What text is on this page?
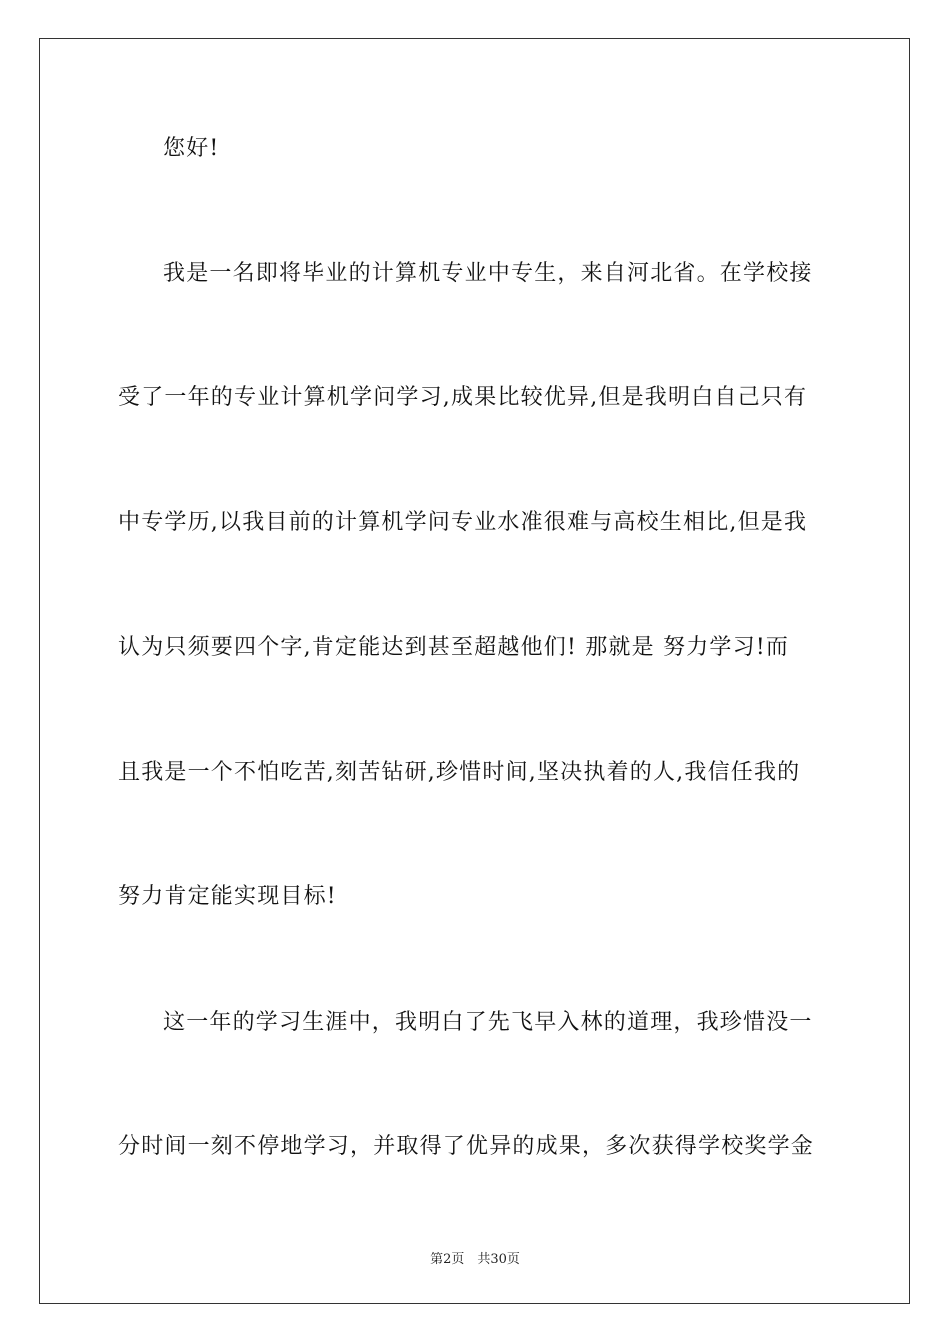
您好!
我是一名即将毕业的计算机专业中专生，来自河北省。在学校接
受了一年的专业计算机学问学习,成果比较优异,但是我明白自己只有
中专学历,以我目前的计算机学问专业水准很难与高校生相比,但是我
认为只须要四个字,肯定能达到甚至超越他们! 那就是 努力学习!而
且我是一个不怕吃苦,刻苦钻研,珍惜时间,坚决执着的人,我信任我的
努力肯定能实现目标!
这一年的学习生涯中，我明白了先飞早入林的道理，我珍惜没一
分时间一刻不停地学习，并取得了优异的成果，多次获得学校奖学金
第2页　共30页
